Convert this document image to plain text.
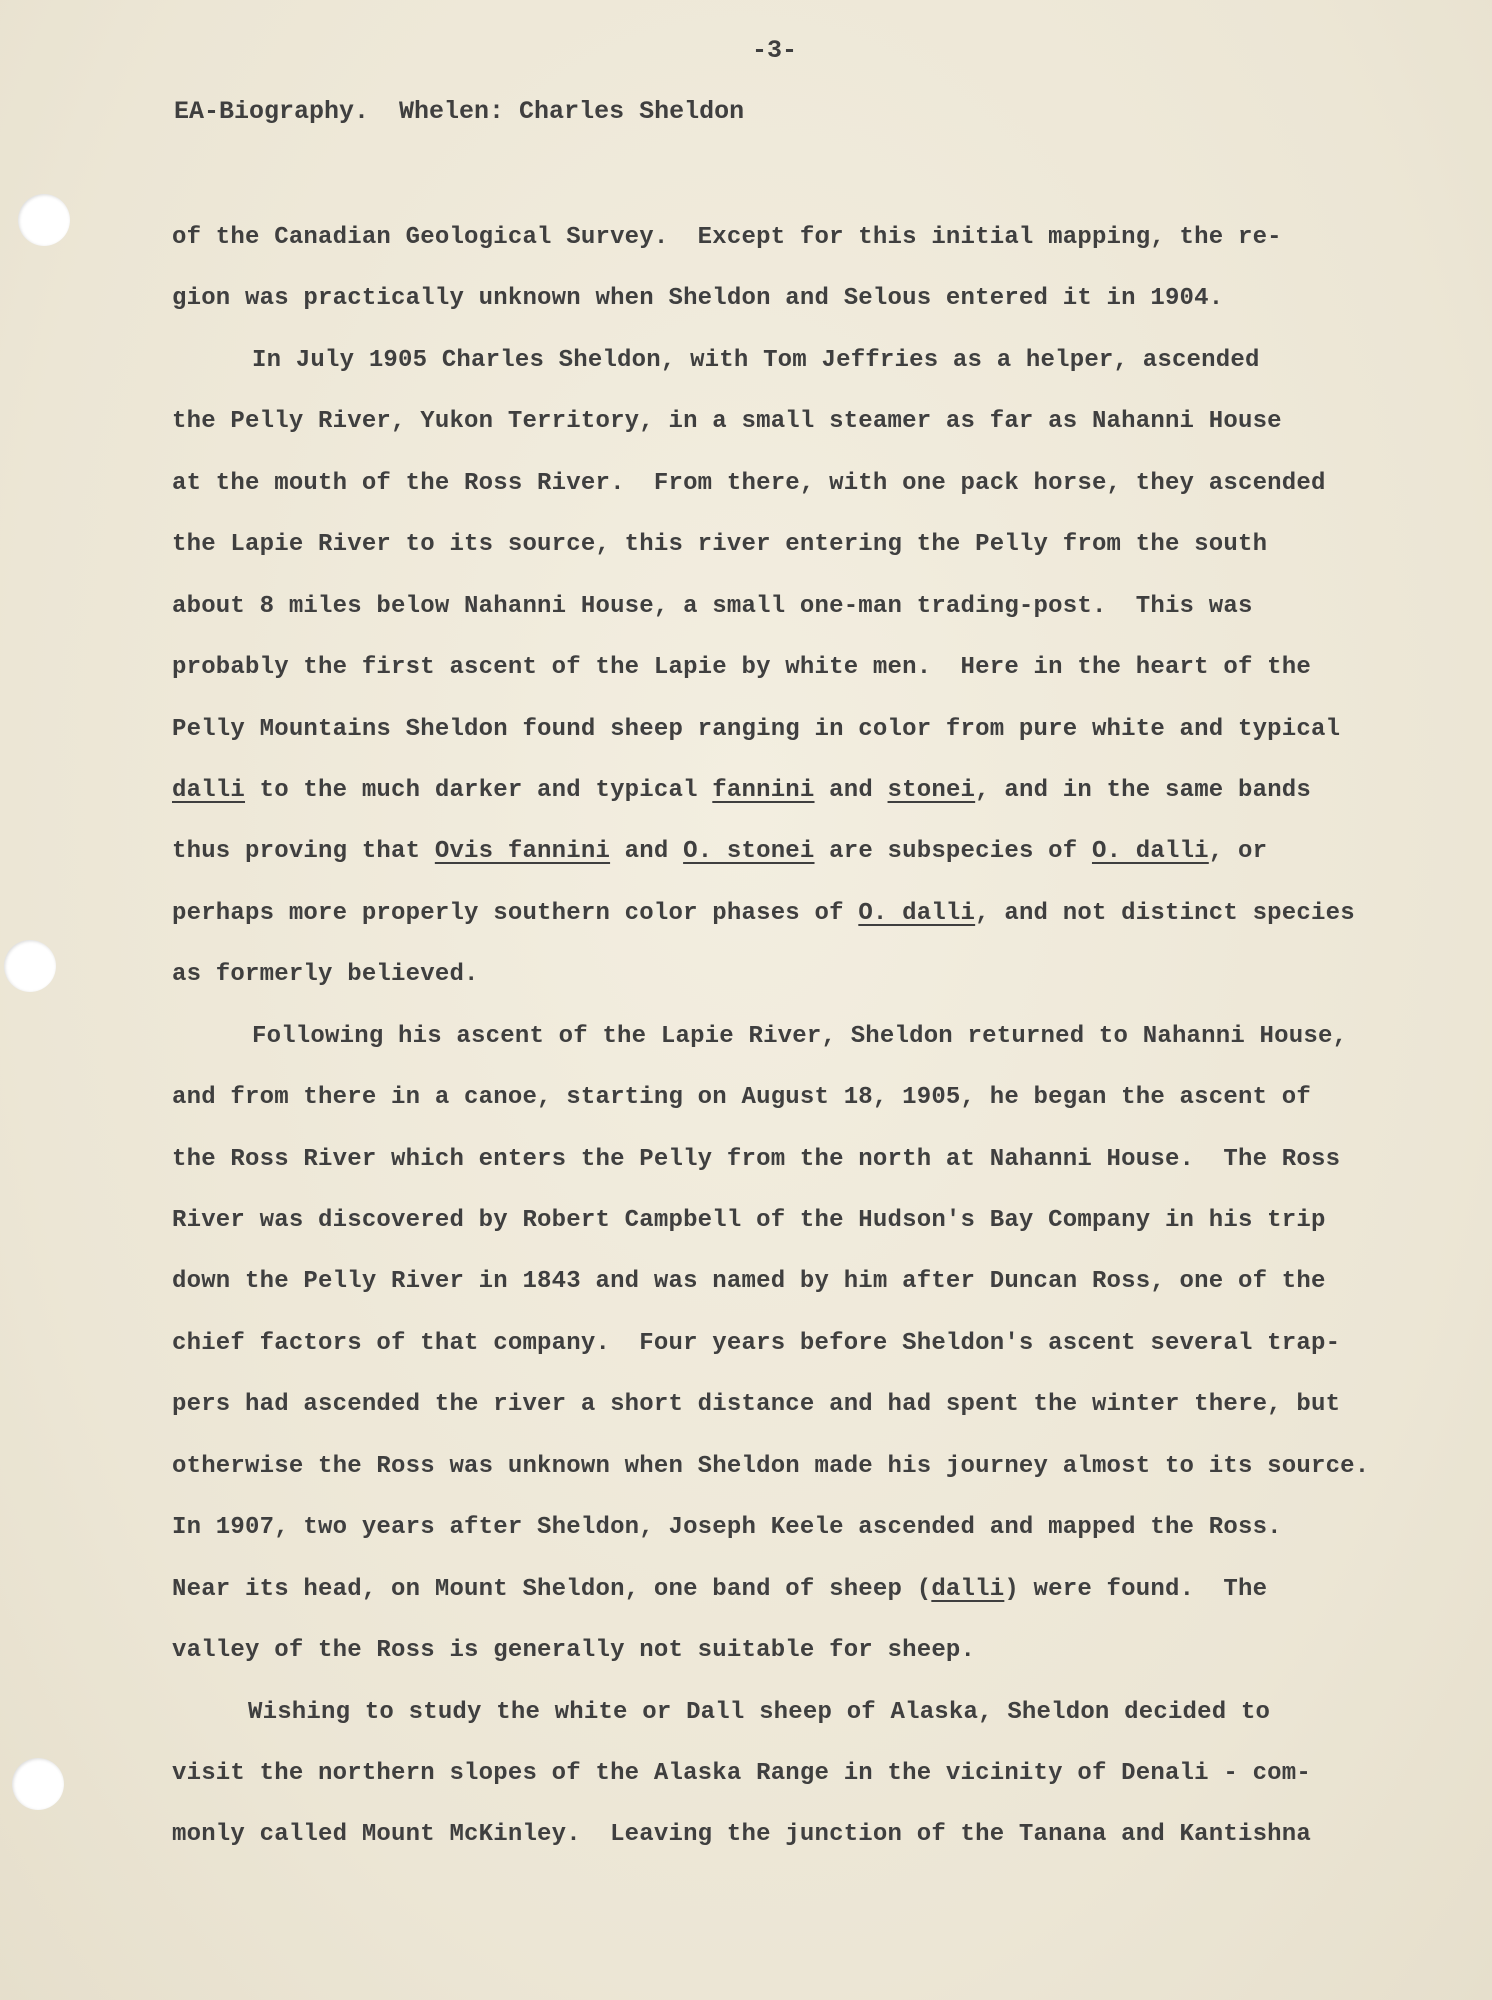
-3-
EA-Biography.  Whelen: Charles Sheldon
of the Canadian Geological Survey.  Except for this initial mapping, the re-
gion was practically unknown when Sheldon and Selous entered it in 1904.
In July 1905 Charles Sheldon, with Tom Jeffries as a helper, ascended
the Pelly River, Yukon Territory, in a small steamer as far as Nahanni House
at the mouth of the Ross River.  From there, with one pack horse, they ascended
the Lapie River to its source, this river entering the Pelly from the south
about 8 miles below Nahanni House, a small one-man trading-post.  This was
probably the first ascent of the Lapie by white men.  Here in the heart of the
Pelly Mountains Sheldon found sheep ranging in color from pure white and typical
dalli to the much darker and typical fannini and stonei, and in the same bands
thus proving that Ovis fannini and O. stonei are subspecies of O. dalli, or
perhaps more properly southern color phases of O. dalli, and not distinct species
as formerly believed.
Following his ascent of the Lapie River, Sheldon returned to Nahanni House,
and from there in a canoe, starting on August 18, 1905, he began the ascent of
the Ross River which enters the Pelly from the north at Nahanni House.  The Ross
River was discovered by Robert Campbell of the Hudson's Bay Company in his trip
down the Pelly River in 1843 and was named by him after Duncan Ross, one of the
chief factors of that company.  Four years before Sheldon's ascent several trap-
pers had ascended the river a short distance and had spent the winter there, but
otherwise the Ross was unknown when Sheldon made his journey almost to its source.
In 1907, two years after Sheldon, Joseph Keele ascended and mapped the Ross.
Near its head, on Mount Sheldon, one band of sheep (dalli) were found.  The
valley of the Ross is generally not suitable for sheep.
Wishing to study the white or Dall sheep of Alaska, Sheldon decided to
visit the northern slopes of the Alaska Range in the vicinity of Denali - com-
monly called Mount McKinley.  Leaving the junction of the Tanana and Kantishna
